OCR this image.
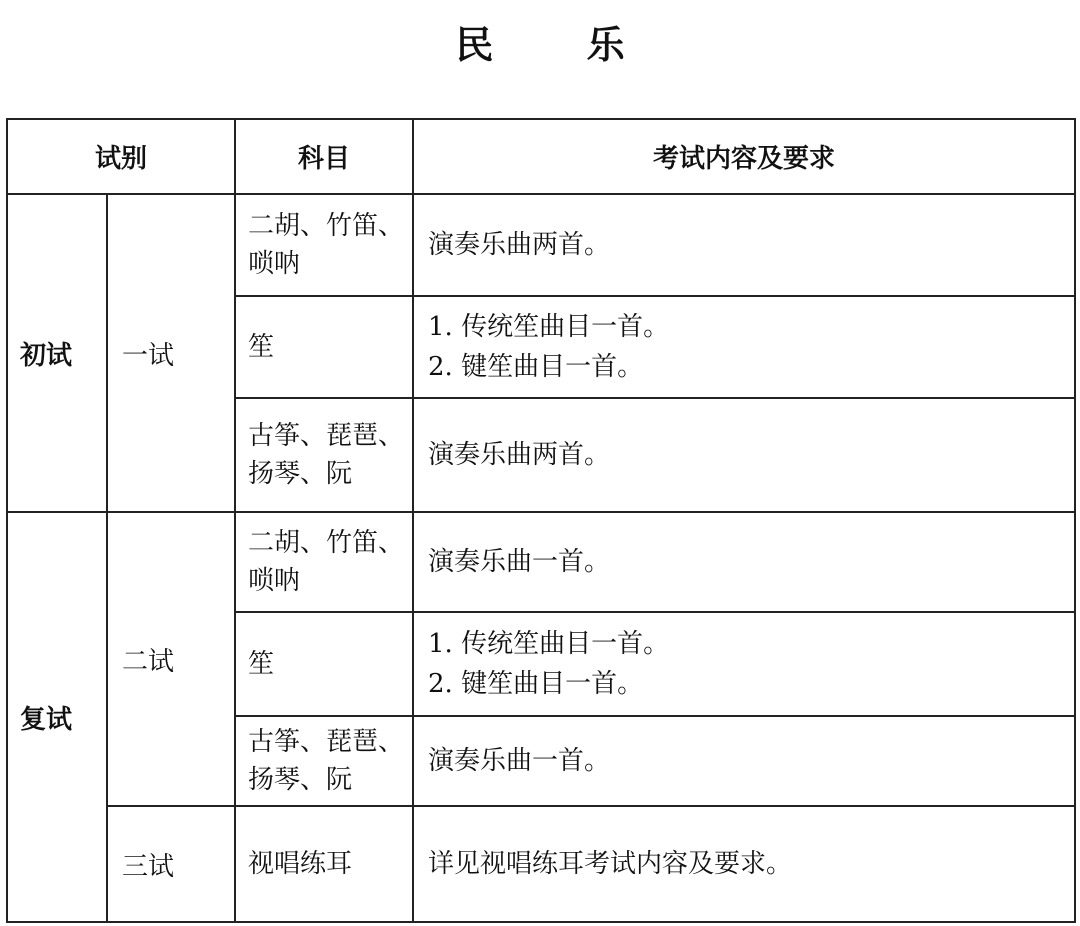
民 乐
试别		科目	考试内容及要求
初试	一试	二胡、竹笛、
唢呐	演奏乐曲两首。

		笙	1. 传统笙曲目一首。
2. 键笙曲目一首。

		古筝、琵琶、
扬琴、阮	演奏乐曲两首。

复试	二试	二胡、竹笛、
唢呐	演奏乐曲一首。

		笙	1. 传统笙曲目一首。
2. 键笙曲目一首。

		古筝、琵琶、
扬琴、阮	演奏乐曲一首。

	三试	视唱练耳	详见视唱练耳考试内容及要求。
